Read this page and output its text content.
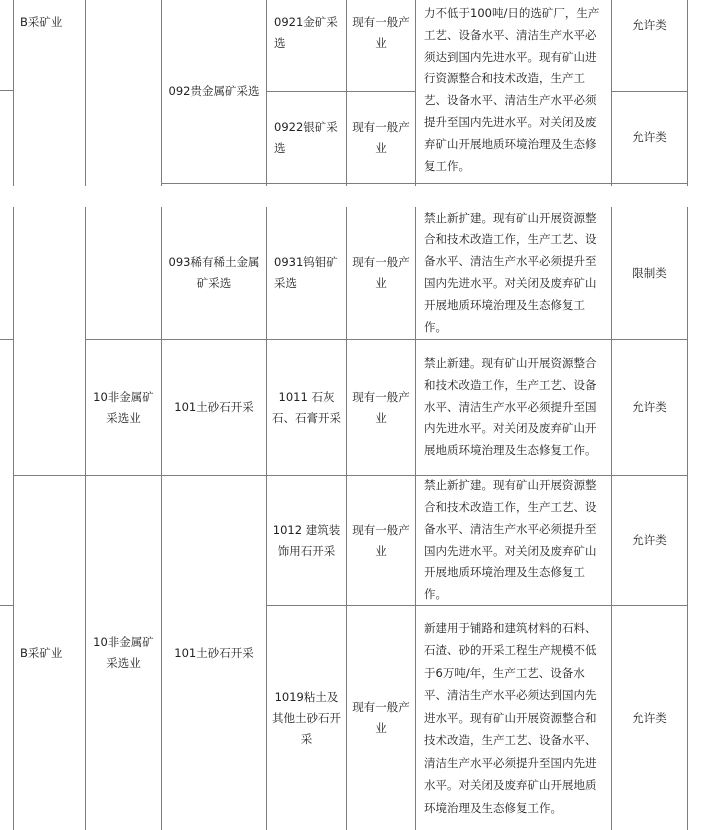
B采矿业
092贵金属矿采选
0921金矿采选
现有一般产业
允许类
0922银矿采选
现有一般产业
允许类
力不低于100吨/日的选矿厂，生产工艺、设备水平、清洁生产水平必须达到国内先进水平。现有矿山进行资源整合和技术改造，生产工艺、设备水平、清洁生产水平必须提升至国内先进水平。对关闭及废弃矿山开展地质环境治理及生态修复工作。
093稀有稀土金属矿采选
0931钨钼矿采选
现有一般产业
禁止新扩建。现有矿山开展资源整合和技术改造工作，生产工艺、设备水平、清洁生产水平必须提升至国内先进水平。对关闭及废弃矿山开展地质环境治理及生态修复工作。
限制类
10非金属矿采选业
101土砂石开采
1011 石灰石、石膏开采
现有一般产业
禁止新建。现有矿山开展资源整合和技术改造工作，生产工艺、设备水平、清洁生产水平必须提升至国内先进水平。对关闭及废弃矿山开展地质环境治理及生态修复工作。
允许类
B采矿业
10非金属矿采选业
101土砂石开采
1012 建筑装饰用石开采
现有一般产业
禁止新扩建。现有矿山开展资源整合和技术改造工作，生产工艺、设备水平、清洁生产水平必须提升至国内先进水平。对关闭及废弃矿山开展地质环境治理及生态修复工作。
允许类
1019粘土及其他土砂石开采
现有一般产业
新建用于铺路和建筑材料的石料、石渣、砂的开采工程生产规模不低于6万吨/年，生产工艺、设备水平、清洁生产水平必须达到国内先进水平。现有矿山开展资源整合和技术改造，生产工艺、设备水平、清洁生产水平必须提升至国内先进水平。对关闭及废弃矿山开展地质环境治理及生态修复工作。
允许类
